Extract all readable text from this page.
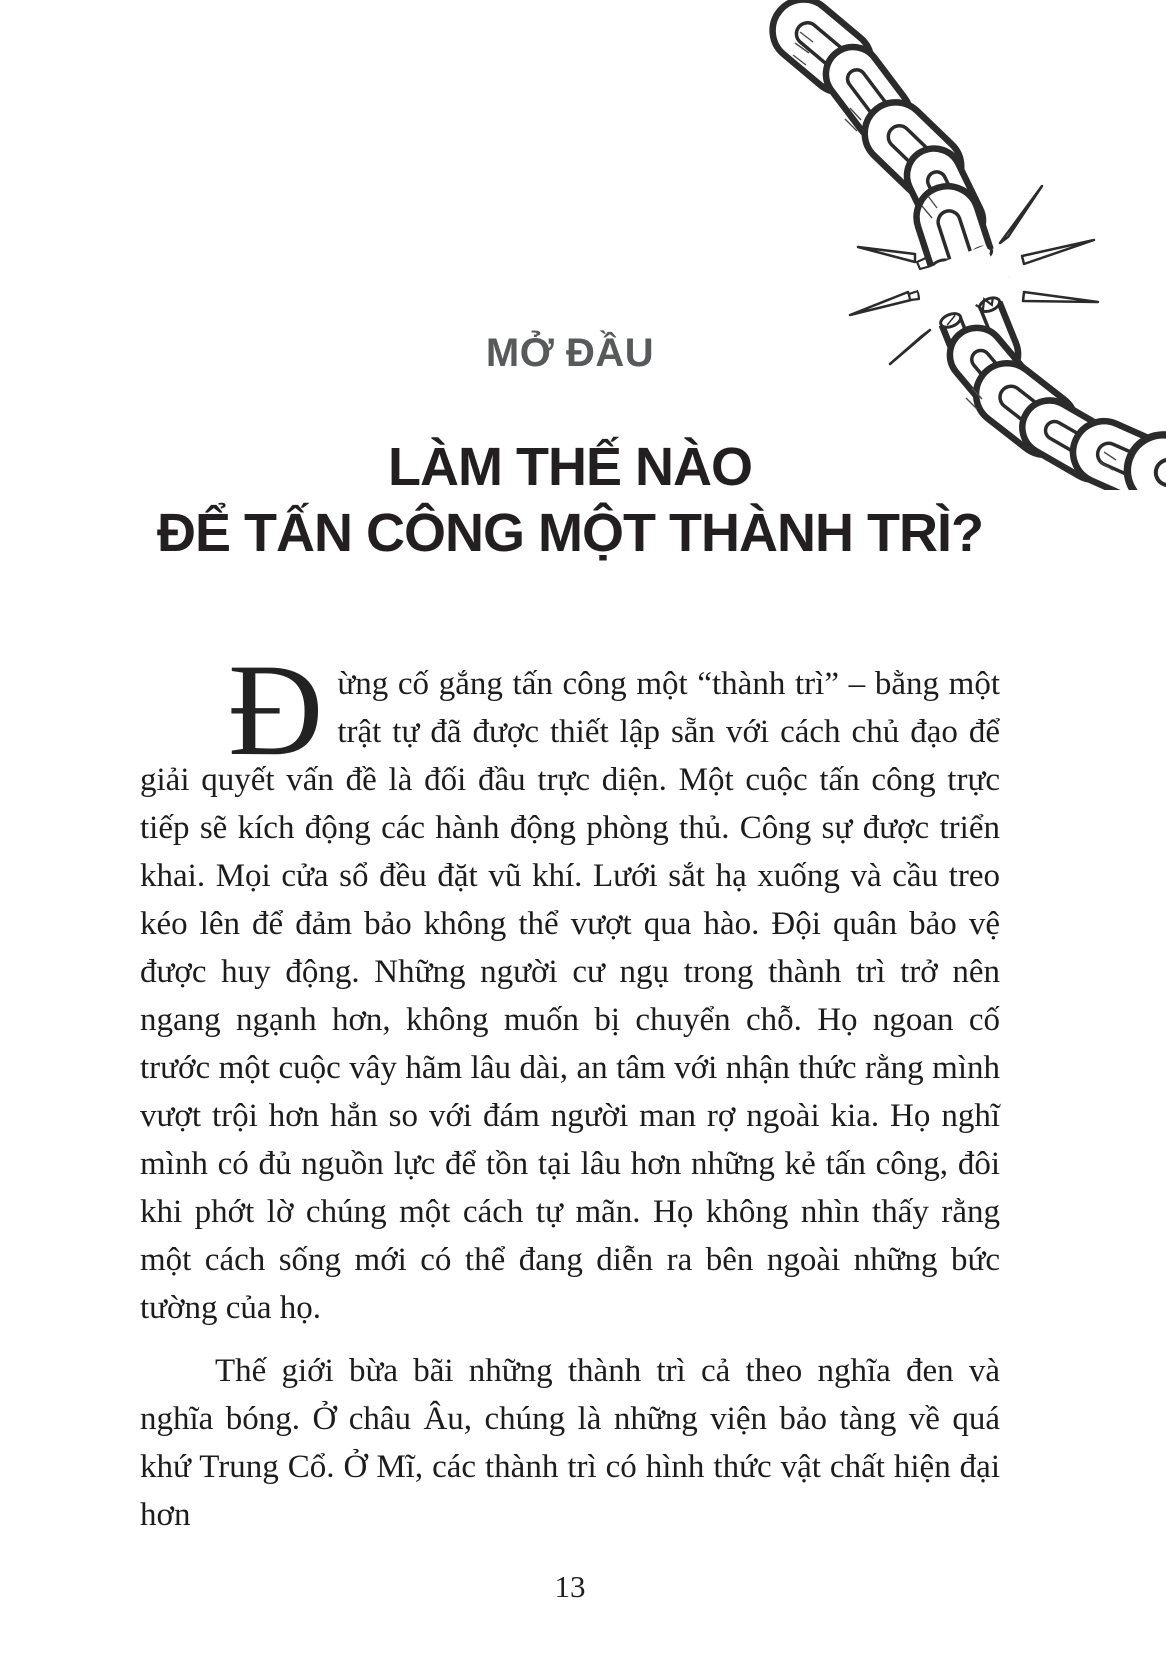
MỞ ĐẦU
LÀM THẾ NÀO
ĐỂ TẤN CÔNG MỘT THÀNH TRÌ?

Đừng cố gắng tấn công một “thành trì” – bằng một trật tự đã được thiết lập sẵn với cách chủ đạo để giải quyết vấn đề là đối đầu trực diện. Một cuộc tấn công trực tiếp sẽ kích động các hành động phòng thủ. Công sự được triển khai. Mọi cửa sổ đều đặt vũ khí. Lưới sắt hạ xuống và cầu treo kéo lên để đảm bảo không thể vượt qua hào. Đội quân bảo vệ được huy động. Những người cư ngụ trong thành trì trở nên ngang ngạnh hơn, không muốn bị chuyển chỗ. Họ ngoan cố trước một cuộc vây hãm lâu dài, an tâm với nhận thức rằng mình vượt trội hơn hẳn so với đám người man rợ ngoài kia. Họ nghĩ mình có đủ nguồn lực để tồn tại lâu hơn những kẻ tấn công, đôi khi phớt lờ chúng một cách tự mãn. Họ không nhìn thấy rằng một cách sống mới có thể đang diễn ra bên ngoài những bức tường của họ.

Thế giới bừa bãi những thành trì cả theo nghĩa đen và nghĩa bóng. Ở châu Âu, chúng là những viện bảo tàng về quá khứ Trung Cổ. Ở Mĩ, các thành trì có hình thức vật chất hiện đại hơn

13
